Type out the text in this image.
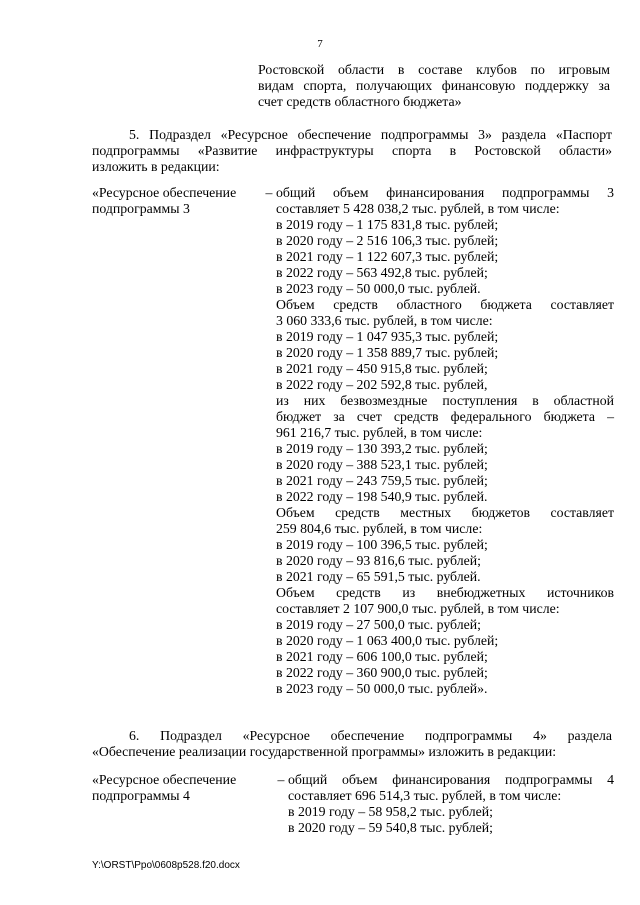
7
Ростовской области в составе клубов по игровым
видам спорта, получающих финансовую поддержку за
счет средств областного бюджета»
5. Подраздел «Ресурсное обеспечение подпрограммы 3» раздела «Паспорт
подпрограммы «Развитие инфраструктуры спорта в Ростовской области»
изложить в редакции:
«Ресурсное обеспечение
подпрограммы 3
– общий объем финансирования подпрограммы 3
составляет 5 428 038,2 тыс. рублей, в том числе:
в 2019 году – 1 175 831,8 тыс. рублей;
в 2020 году – 2 516 106,3 тыс. рублей;
в 2021 году – 1 122 607,3 тыс. рублей;
в 2022 году – 563 492,8 тыс. рублей;
в 2023 году – 50 000,0 тыс. рублей.
Объем средств областного бюджета составляет
3 060 333,6 тыс. рублей, в том числе:
в 2019 году – 1 047 935,3 тыс. рублей;
в 2020 году – 1 358 889,7 тыс. рублей;
в 2021 году – 450 915,8 тыс. рублей;
в 2022 году – 202 592,8 тыс. рублей,
из них безвозмездные поступления в областной
бюджет за счет средств федерального бюджета –
961 216,7 тыс. рублей, в том числе:
в 2019 году – 130 393,2 тыс. рублей;
в 2020 году – 388 523,1 тыс. рублей;
в 2021 году – 243 759,5 тыс. рублей;
в 2022 году – 198 540,9 тыс. рублей.
Объем средств местных бюджетов составляет
259 804,6 тыс. рублей, в том числе:
в 2019 году – 100 396,5 тыс. рублей;
в 2020 году – 93 816,6 тыс. рублей;
в 2021 году – 65 591,5 тыс. рублей.
Объем средств из внебюджетных источников
составляет 2 107 900,0 тыс. рублей, в том числе:
в 2019 году – 27 500,0 тыс. рублей;
в 2020 году – 1 063 400,0 тыс. рублей;
в 2021 году – 606 100,0 тыс. рублей;
в 2022 году – 360 900,0 тыс. рублей;
в 2023 году – 50 000,0 тыс. рублей».
6. Подраздел «Ресурсное обеспечение подпрограммы 4» раздела
«Обеспечение реализации государственной программы» изложить в редакции:
«Ресурсное обеспечение
подпрограммы 4
– общий объем финансирования подпрограммы 4
составляет 696 514,3 тыс. рублей, в том числе:
в 2019 году – 58 958,2 тыс. рублей;
в 2020 году – 59 540,8 тыс. рублей;
Y:\ORST\Ppo\0608p528.f20.docx
